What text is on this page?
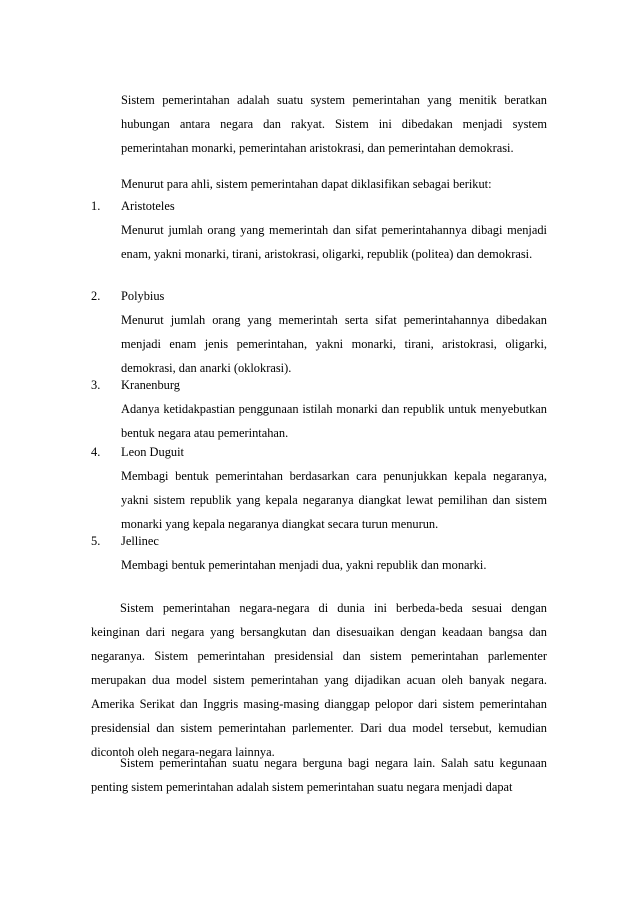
Sistem pemerintahan adalah suatu system pemerintahan yang menitik beratkan hubungan antara negara dan rakyat. Sistem ini dibedakan menjadi system pemerintahan monarki, pemerintahan aristokrasi, dan pemerintahan demokrasi.

Menurut para ahli, sistem pemerintahan dapat diklasifikan sebagai berikut:

1. Aristoteles

Menurut jumlah orang yang memerintah dan sifat pemerintahannya dibagi menjadi enam, yakni monarki, tirani, aristokrasi, oligarki, republik (politea) dan demokrasi.

2. Polybius

Menurut jumlah orang yang memerintah serta sifat pemerintahannya dibedakan menjadi enam jenis pemerintahan, yakni monarki, tirani, aristokrasi, oligarki, demokrasi, dan anarki (oklokrasi).

3. Kranenburg

Adanya ketidakpastian penggunaan istilah monarki dan republik untuk menyebutkan bentuk negara atau pemerintahan.

4. Leon Duguit

Membagi bentuk pemerintahan berdasarkan cara penunjukkan kepala negaranya, yakni sistem republik yang kepala negaranya diangkat lewat pemilihan dan sistem monarki yang kepala negaranya diangkat secara turun menurun.

5. Jellinec

Membagi bentuk pemerintahan menjadi dua, yakni republik dan monarki.

Sistem pemerintahan negara-negara di dunia ini berbeda-beda sesuai dengan keinginan dari negara yang bersangkutan dan disesuaikan dengan keadaan bangsa dan negaranya. Sistem pemerintahan presidensial dan sistem pemerintahan parlementer merupakan dua model sistem pemerintahan yang dijadikan acuan oleh banyak negara. Amerika Serikat dan Inggris masing-masing dianggap pelopor dari sistem pemerintahan presidensial dan sistem pemerintahan parlementer. Dari dua model tersebut, kemudian dicontoh oleh negara-negara lainnya.

Sistem pemerintahan suatu negara berguna bagi negara lain. Salah satu kegunaan penting sistem pemerintahan adalah sistem pemerintahan suatu negara menjadi dapat
